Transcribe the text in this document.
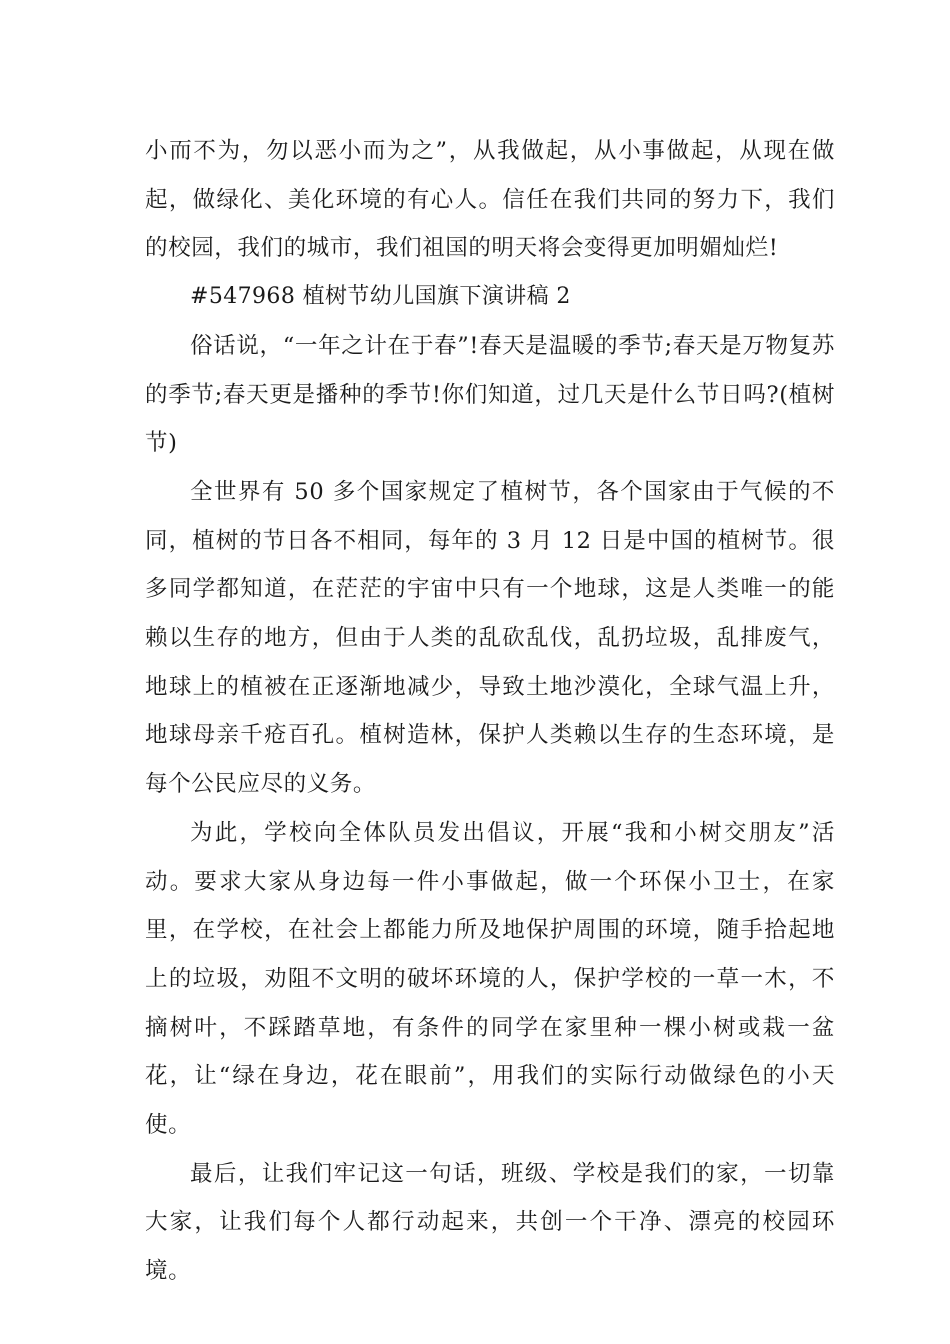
小而不为，勿以恶小而为之”，从我做起，从小事做起，从现在做起，做绿化、美化环境的有心人。信任在我们共同的努力下，我们的校园，我们的城市，我们祖国的明天将会变得更加明媚灿烂!

#547968 植树节幼儿国旗下演讲稿 2

俗话说，“一年之计在于春”!春天是温暖的季节;春天是万物复苏的季节;春天更是播种的季节!你们知道，过几天是什么节日吗?(植树节)

全世界有 50 多个国家规定了植树节，各个国家由于气候的不同，植树的节日各不相同，每年的 3 月 12 日是中国的植树节。很多同学都知道，在茫茫的宇宙中只有一个地球，这是人类唯一的能赖以生存的地方，但由于人类的乱砍乱伐，乱扔垃圾，乱排废气，地球上的植被在正逐渐地减少，导致土地沙漠化，全球气温上升，地球母亲千疮百孔。植树造林，保护人类赖以生存的生态环境，是每个公民应尽的义务。

为此，学校向全体队员发出倡议，开展“我和小树交朋友”活动。要求大家从身边每一件小事做起，做一个环保小卫士，在家里，在学校，在社会上都能力所及地保护周围的环境，随手拾起地上的垃圾，劝阻不文明的破坏环境的人，保护学校的一草一木，不摘树叶，不踩踏草地，有条件的同学在家里种一棵小树或栽一盆花，让“绿在身边，花在眼前”，用我们的实际行动做绿色的小天使。

最后，让我们牢记这一句话，班级、学校是我们的家，一切靠大家，让我们每个人都行动起来，共创一个干净、漂亮的校园环境。
